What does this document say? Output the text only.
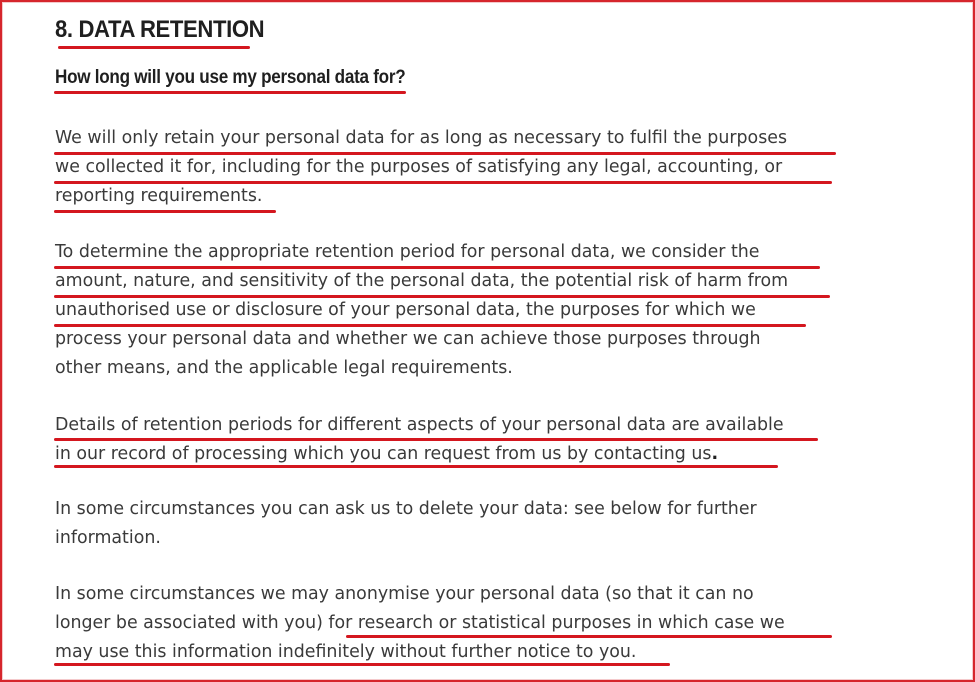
8. DATA RETENTION
How long will you use my personal data for?

We will only retain your personal data for as long as necessary to fulfil the purposes
we collected it for, including for the purposes of satisfying any legal, accounting, or
reporting requirements.

To determine the appropriate retention period for personal data, we consider the
amount, nature, and sensitivity of the personal data, the potential risk of harm from
unauthorised use or disclosure of your personal data, the purposes for which we
process your personal data and whether we can achieve those purposes through
other means, and the applicable legal requirements.

Details of retention periods for different aspects of your personal data are available
in our record of processing which you can request from us by contacting us.

In some circumstances you can ask us to delete your data: see below for further
information.

In some circumstances we may anonymise your personal data (so that it can no
longer be associated with you) for research or statistical purposes in which case we
may use this information indefinitely without further notice to you.
